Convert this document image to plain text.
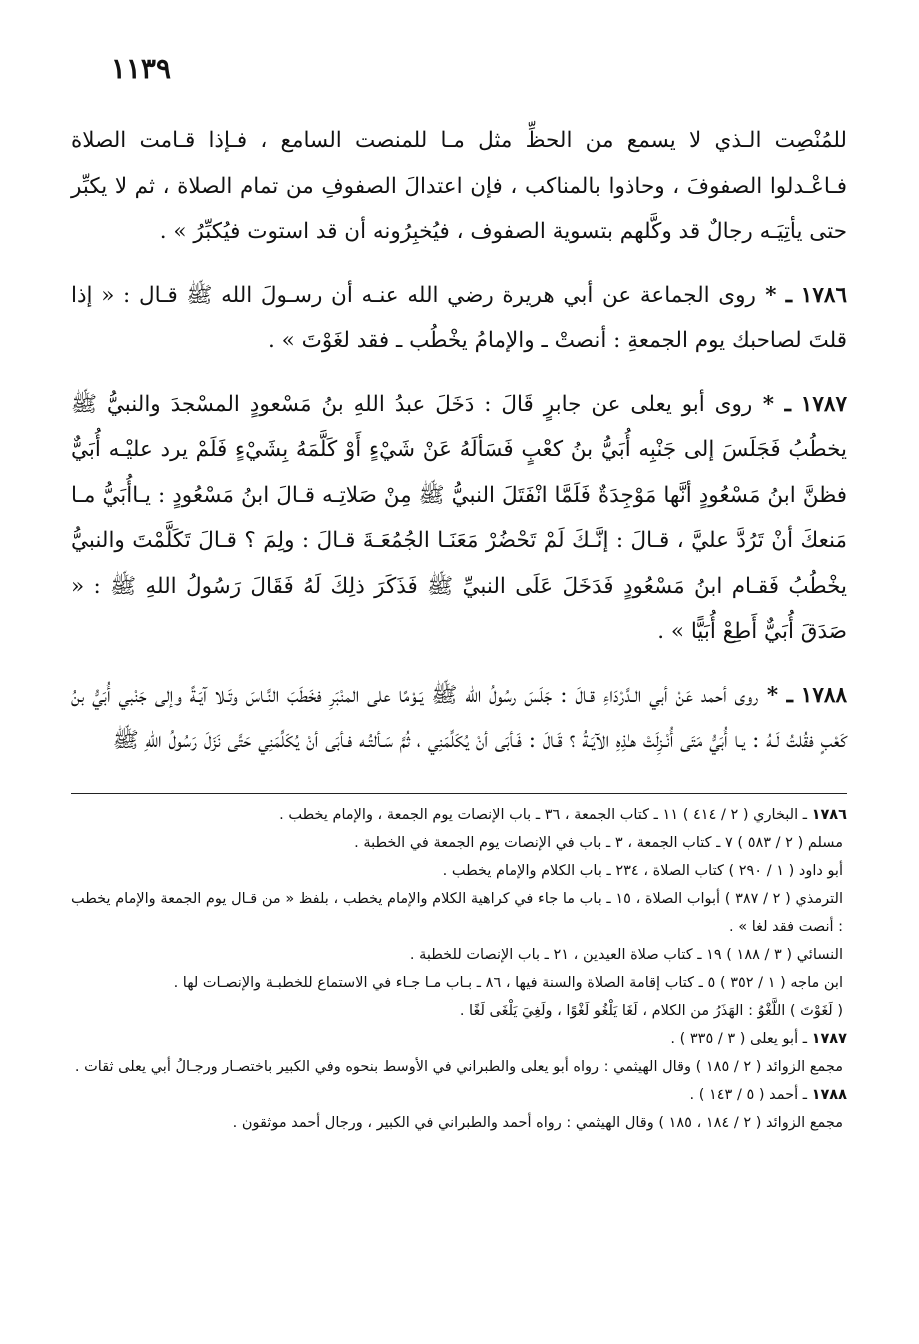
١١٣٩

للمُنْصِت الـذي لا يسمع من الحظِّ مثل مـا للمنصت السامع ، فـإذا قـامت الصلاة فـاعْـدلوا الصفوفَ ، وحاذوا بالمناكب ، فإن اعتدالَ الصفوفِ من تمام الصلاة ، ثم لا يكبِّر حتى يأتِيَـه رجالٌ قد وكَّلهم بتسوية الصفوف ، فيُخبِرُونه أن قد استوت فيُكبِّرُ » .

١٧٨٦ ـ * روى الجماعة عن أبي هريرة رضي الله عنـه أن رسـولَ الله ﷺ قـال : « إذا قلتَ لصاحبك يوم الجمعةِ : أنصتْ ـ والإمامُ يخْطُب ـ فقد لغَوْتَ » .

١٧٨٧ ـ * روى أبو يعلى عن جابرٍ قَالَ : دَخَلَ عبدُ اللهِ بنُ مَسْعودٍ المسْجدَ والنبيُّ ﷺ يخطُبُ فَجَلَسَ إلى جَنْبِه أُبَيُّ بنُ كعْبٍ فَسَألَهُ عَنْ شَيْءٍ أَوْ كَلَّمَهُ بِشَيْءٍ فَلَمْ يرد عليْـه أُبَيٌّ فظنَّ ابنُ مَسْعُودٍ أنَّها مَوْجِدَةٌ فَلَمَّا انْفَتَلَ النبيُّ ﷺ مِنْ صَلاتِـه قـالَ ابنُ مَسْعُودٍ : يـاأُبَيُّ مـا مَنعكَ أنْ تَرُدَّ عليَّ ، قـالَ : إنَّـكَ لَمْ تَحْضُرْ مَعَنَـا الجُمُعَـةَ قـالَ : ولِمَ ؟ قـالَ تَكَلَّمْتَ والنبيُّ يخْطُبُ فَقـام ابنُ مَسْعُودٍ فَدَخَلَ عَلَى النبيِّ ﷺ فَذَكَرَ ذلِكَ لَهُ فَقَالَ رَسُولُ اللهِ ﷺ : « صَدَقَ أُبَيٌّ أَطِعْ أُبَيًّا » .

١٧٨٨ ـ * روى أحمد عَنْ أبي الـدَّرْدَاءِ قـالَ : جَلَسَ رسُولُ الله ﷺ يَـوْمًا على المنْبَرِ فخَطَبَ النَّـاسَ وتَـلا آيَـةً وإلى جَنْبي أُبَيُّ بنُ كَعْبٍ فقُلتُ لَـهُ : يـا أُبَيُّ مَتَى أُنْـزِلَتْ هـٰذِهِ الآيَـةُ ؟ قَـالَ : فَـأبَى أنْ يُكَلِّمَنِي ، ثُمَّ سَـألتُـه فـأبَى أنْ يُكَلِّمَنِي حَتَّى نَزَلَ رَسُولُ اللهِ ﷺ

١٧٨٦ ـ البخاري ( ٢ / ٤١٤ ) ١١ ـ كتاب الجمعة ، ٣٦ ـ باب الإنصات يوم الجمعة ، والإمام يخطب .

مسلم ( ٢ / ٥٨٣ ) ٧ ـ كتاب الجمعة ، ٣ ـ باب في الإنصات يوم الجمعة في الخطبة .

أبو داود ( ١ / ٢٩٠ ) كتاب الصلاة ، ٢٣٤ ـ باب الكلام والإمام يخطب .

الترمذي ( ٢ / ٣٨٧ ) أبواب الصلاة ، ١٥ ـ باب ما جاء في كراهية الكلام والإمام يخطب ، بلفظ « من قـال يوم الجمعة والإمام يخطب : أنصت فقد لغا » .

النسائي ( ٣ / ١٨٨ ) ١٩ ـ كتاب صلاة العيدين ، ٢١ ـ باب الإنصات للخطبة .

ابن ماجه ( ١ / ٣٥٢ ) ٥ ـ كتاب إقامة الصلاة والسنة فيها ، ٨٦ ـ بـاب مـا جـاء في الاستماع للخطبـة والإنصـات لها .

( لَغَوْتَ ) اللَّغْوُ : الهَذَرُ من الكلام ، لَغَا يَلْغُو لَغْوًا ، ولَغِيَ يَلْغَى لَغًا .

١٧٨٧ ـ أبو يعلى ( ٣ / ٣٣٥ ) .

مجمع الزوائد ( ٢ / ١٨٥ ) وقال الهيثمي : رواه أبو يعلى والطبراني في الأوسط بنحوه وفي الكبير باختصـار ورجـالُ أبي يعلى ثقات .

١٧٨٨ ـ أحمد ( ٥ / ١٤٣ ) .

مجمع الزوائد ( ٢ / ١٨٤ ، ١٨٥ ) وقال الهيثمي : رواه أحمد والطبراني في الكبير ، ورجال أحمد موثقون .
